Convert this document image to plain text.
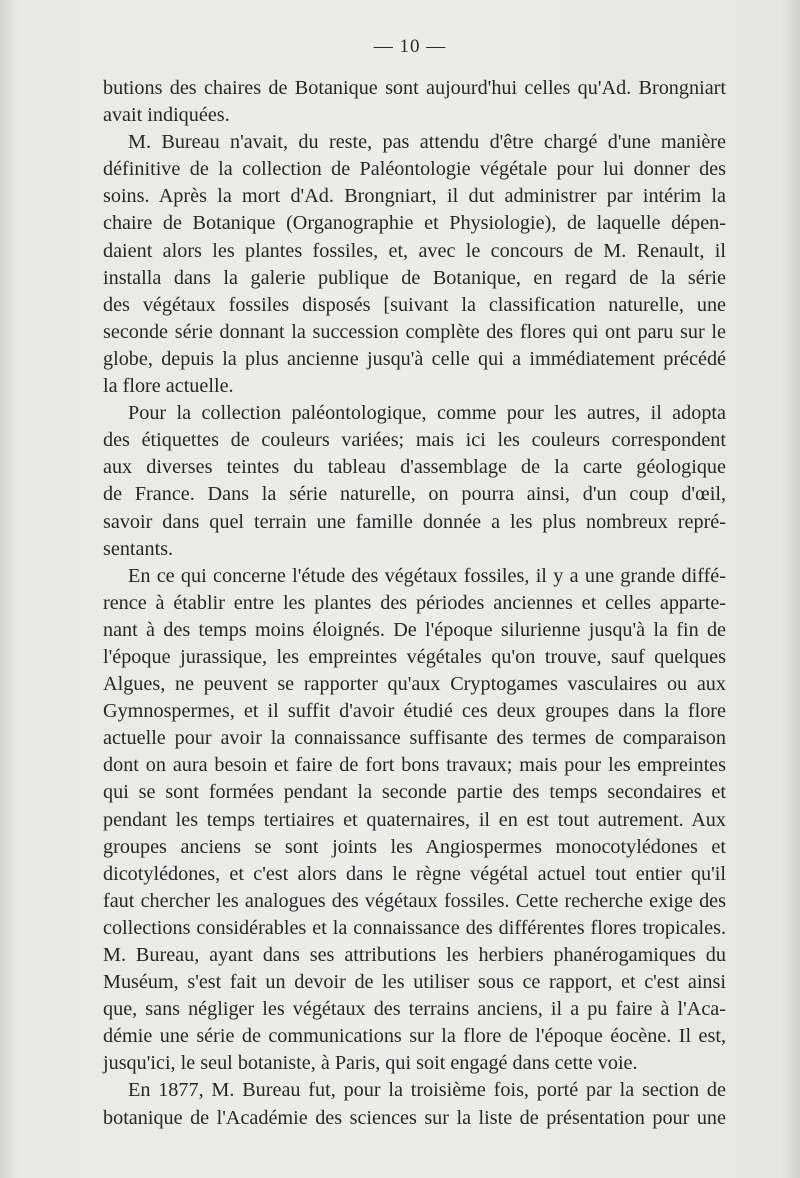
— 10 —
butions des chaires de Botanique sont aujourd'hui celles qu'Ad. Brongniart
avait indiquées.
M. Bureau n'avait, du reste, pas attendu d'être chargé d'une manière
définitive de la collection de Paléontologie végétale pour lui donner des
soins. Après la mort d'Ad. Brongniart, il dut administrer par intérim la
chaire de Botanique (Organographie et Physiologie), de laquelle dépen-
daient alors les plantes fossiles, et, avec le concours de M. Renault, il
installa dans la galerie publique de Botanique, en regard de la série
des végétaux fossiles disposés [suivant la classification naturelle, une
seconde série donnant la succession complète des flores qui ont paru sur le
globe, depuis la plus ancienne jusqu'à celle qui a immédiatement précédé
la flore actuelle.
Pour la collection paléontologique, comme pour les autres, il adopta
des étiquettes de couleurs variées; mais ici les couleurs correspondent
aux diverses teintes du tableau d'assemblage de la carte géologique
de France. Dans la série naturelle, on pourra ainsi, d'un coup d'œil,
savoir dans quel terrain une famille donnée a les plus nombreux repré-
sentants.
En ce qui concerne l'étude des végétaux fossiles, il y a une grande diffé-
rence à établir entre les plantes des périodes anciennes et celles apparte-
nant à des temps moins éloignés. De l'époque silurienne jusqu'à la fin de
l'époque jurassique, les empreintes végétales qu'on trouve, sauf quelques
Algues, ne peuvent se rapporter qu'aux Cryptogames vasculaires ou aux
Gymnospermes, et il suffit d'avoir étudié ces deux groupes dans la flore
actuelle pour avoir la connaissance suffisante des termes de comparaison
dont on aura besoin et faire de fort bons travaux; mais pour les empreintes
qui se sont formées pendant la seconde partie des temps secondaires et
pendant les temps tertiaires et quaternaires, il en est tout autrement. Aux
groupes anciens se sont joints les Angiospermes monocotylédones et
dicotylédones, et c'est alors dans le règne végétal actuel tout entier qu'il
faut chercher les analogues des végétaux fossiles. Cette recherche exige des
collections considérables et la connaissance des différentes flores tropicales.
M. Bureau, ayant dans ses attributions les herbiers phanérogamiques du
Muséum, s'est fait un devoir de les utiliser sous ce rapport, et c'est ainsi
que, sans négliger les végétaux des terrains anciens, il a pu faire à l'Aca-
démie une série de communications sur la flore de l'époque éocène. Il est,
jusqu'ici, le seul botaniste, à Paris, qui soit engagé dans cette voie.
En 1877, M. Bureau fut, pour la troisième fois, porté par la section de
botanique de l'Académie des sciences sur la liste de présentation pour une
